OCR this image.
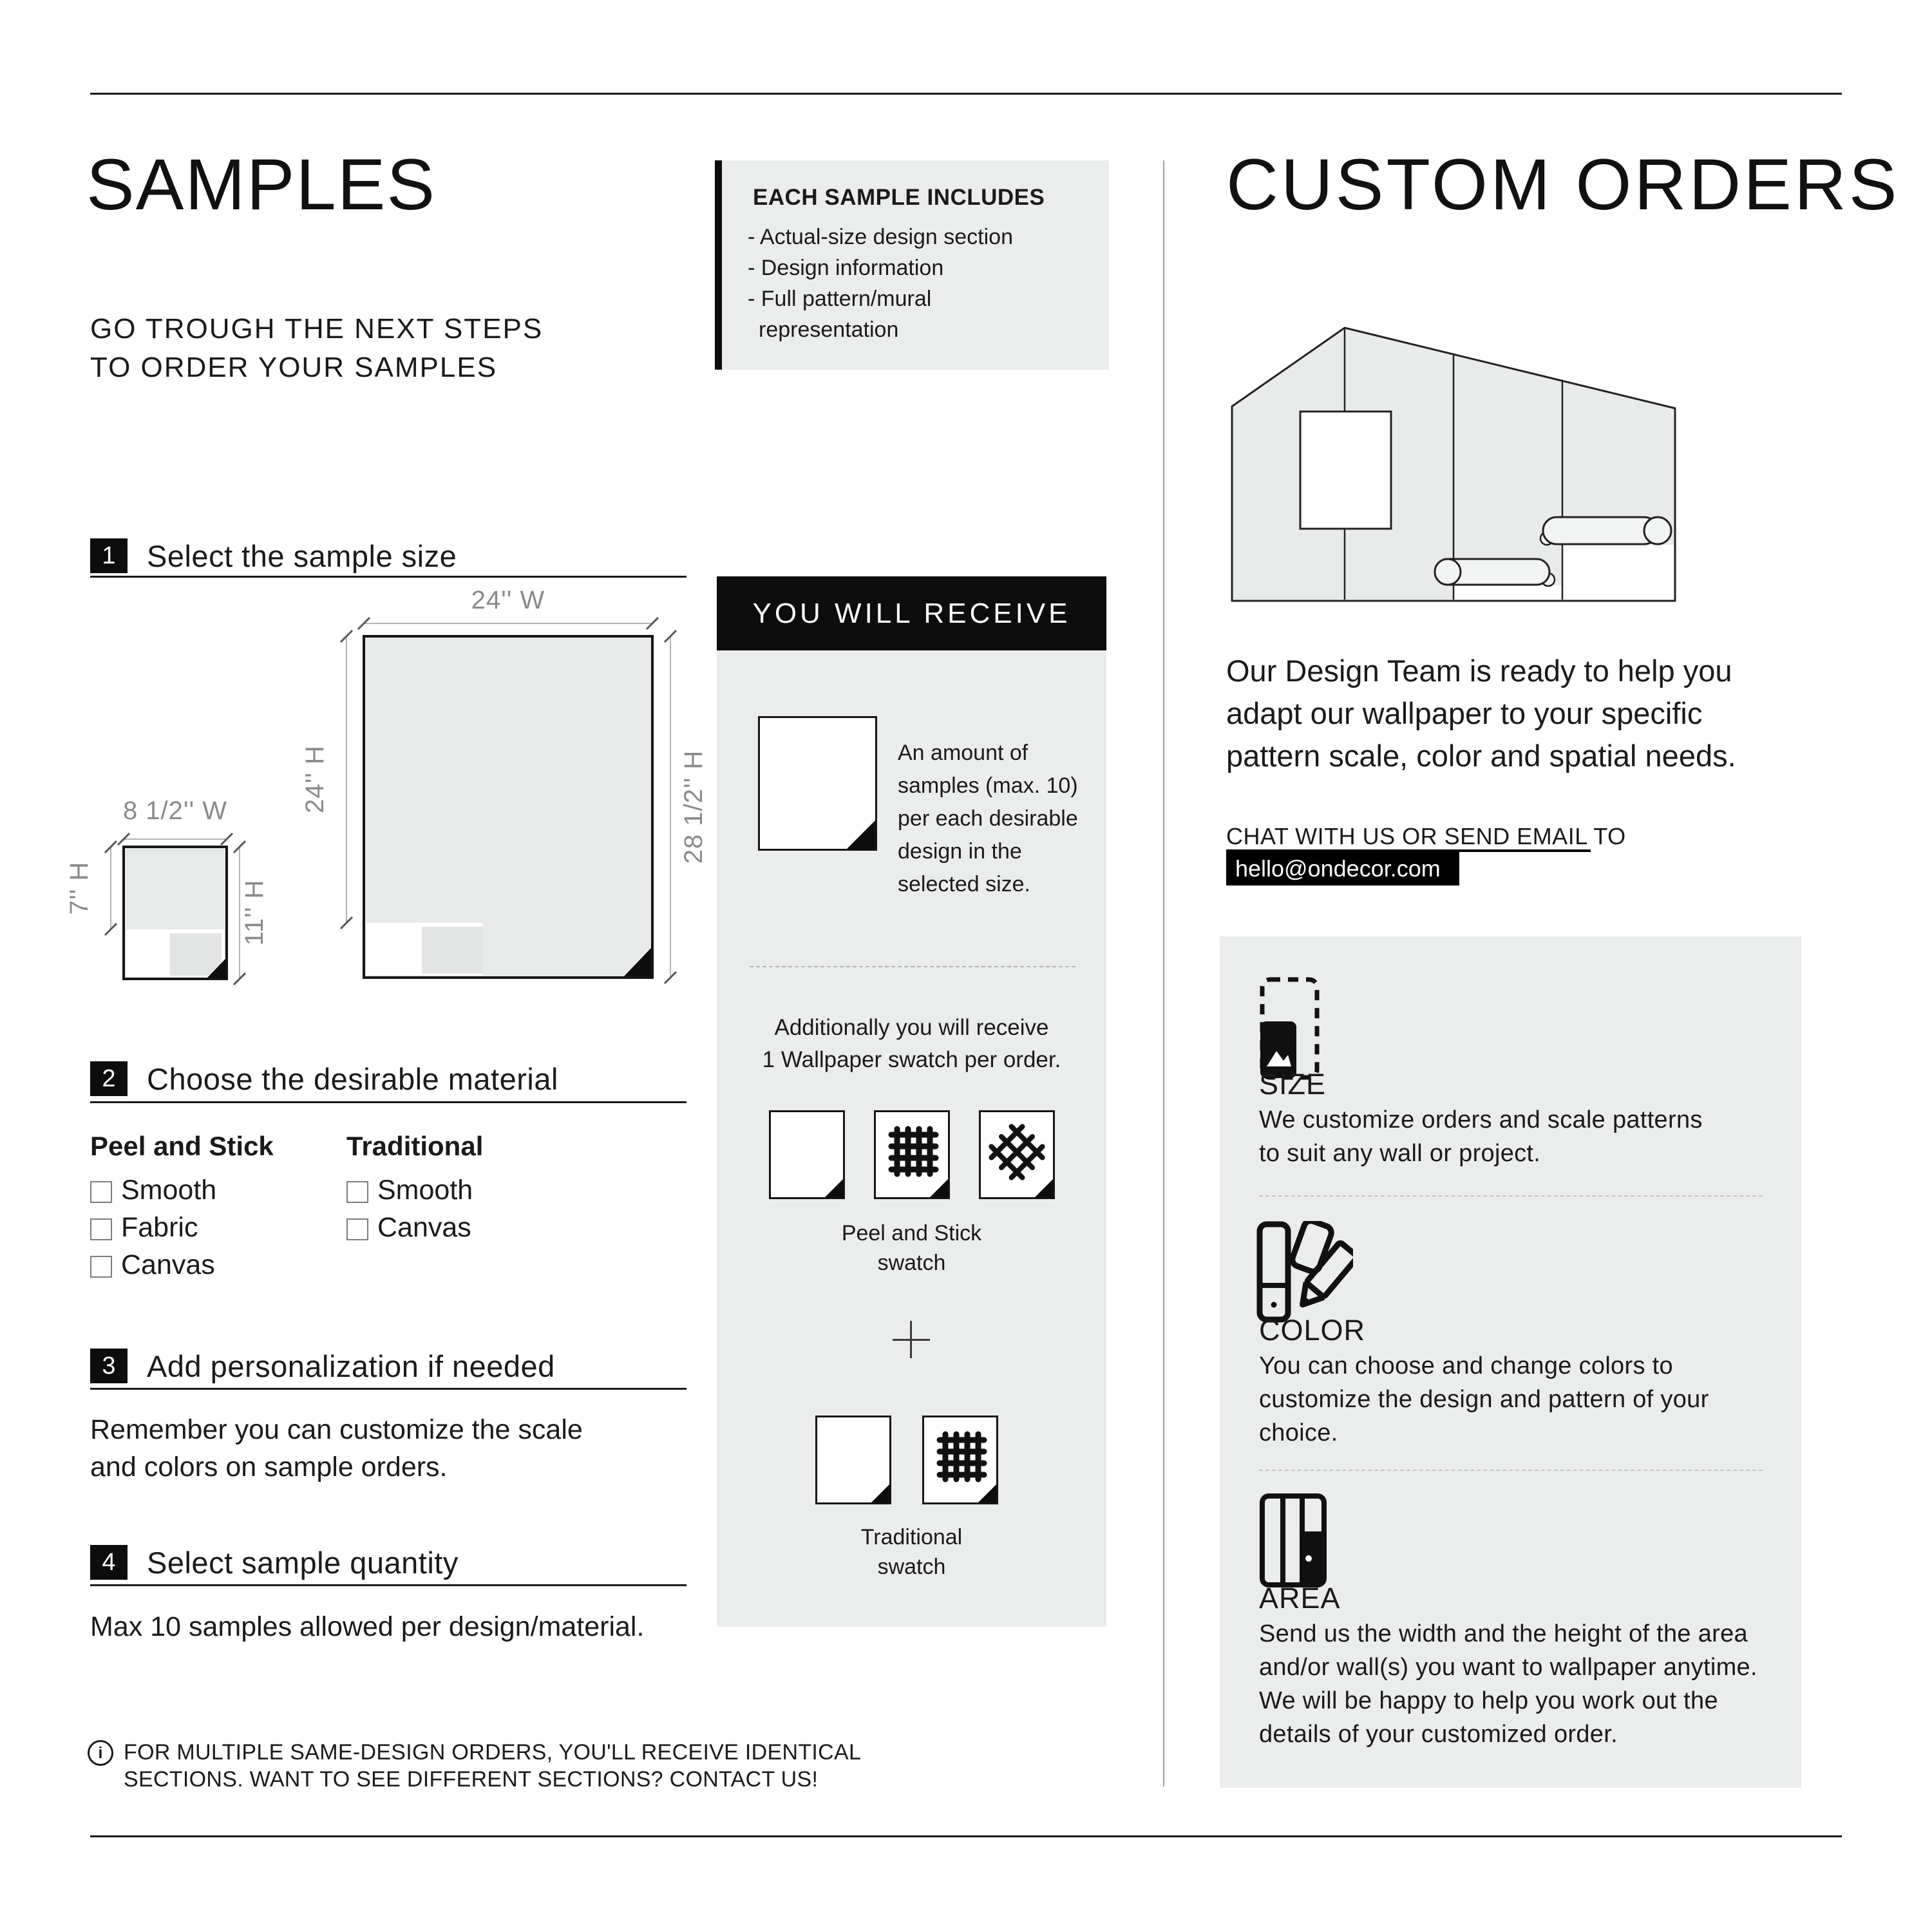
SAMPLES
GO TROUGH THE NEXT STEPS
TO ORDER YOUR SAMPLES
1	Select the sample size
24'' W
24'' H	28 1/2'' H
8 1/2'' W
7'' H	11'' H
2	Choose the desirable material
Peel and Stick	Traditional
Smooth
Fabric
Canvas
Smooth
Canvas
3	Add personalization if needed
Remember you can customize the scale
and colors on sample orders.
4	Select sample quantity
Max 10 samples allowed per design/material.
i FOR MULTIPLE SAME-DESIGN ORDERS, YOU'LL RECEIVE IDENTICAL
SECTIONS. WANT TO SEE DIFFERENT SECTIONS? CONTACT US!
EACH SAMPLE INCLUDES
- Actual-size design section
- Design information
- Full pattern/mural
representation
YOU WILL RECEIVE
An amount of
samples (max. 10)
per each desirable
design in the
selected size.
Additionally you will receive
1 Wallpaper swatch per order.
Peel and Stick
swatch
Traditional
swatch
CUSTOM ORDERS
Our Design Team is ready to help you
adapt our wallpaper to your specific
pattern scale, color and spatial needs.
CHAT WITH US OR SEND EMAIL TO
hello@ondecor.com
SIZE
We customize orders and scale patterns
to suit any wall or project.
COLOR
You can choose and change colors to
customize the design and pattern of your
choice.
AREA
Send us the width and the height of the area
and/or wall(s) you want to wallpaper anytime.
We will be happy to help you work out the
details of your customized order.
